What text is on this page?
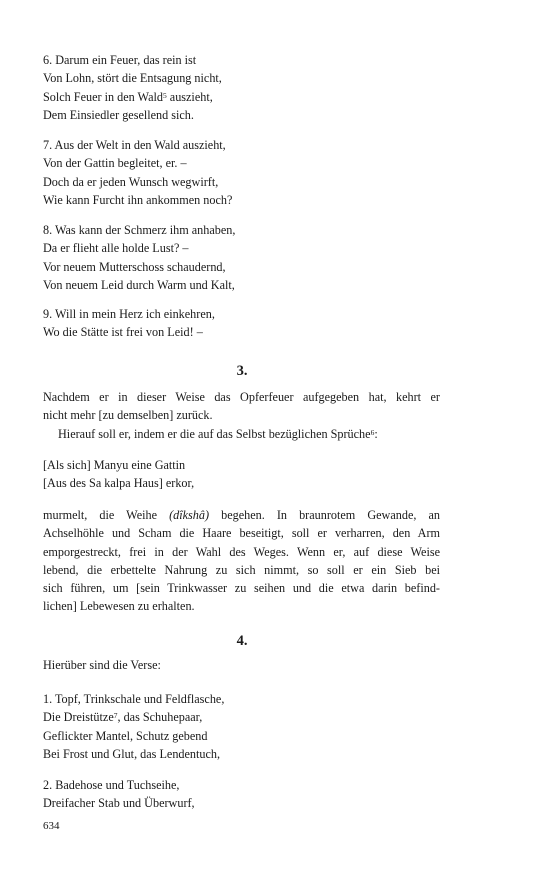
6. Darum ein Feuer, das rein ist
Von Lohn, stört die Entsagung nicht,
Solch Feuer in den Wald$^5$ auszieht,
Dem Einsiedler gesellend sich.
7. Aus der Welt in den Wald auszieht,
Von der Gattin begleitet, er. –
Doch da er jeden Wunsch wegwirft,
Wie kann Furcht ihn ankommen noch?
8. Was kann der Schmerz ihm anhaben,
Da er flieht alle holde Lust? –
Vor neuem Mutterschoss schaudernd,
Von neuem Leid durch Warm und Kalt,
9. Will in mein Herz ich einkehren,
Wo die Stätte ist frei von Leid! –
3.
Nachdem er in dieser Weise das Opferfeuer aufgegeben hat, kehrt er
nicht mehr [zu demselben] zurück.
Hierauf soll er, indem er die auf das Selbst bezüglichen Sprüche$^6$:
[Als sich] Manyu eine Gattin
[Aus des Sa kalpa Haus] erkor,
murmelt, die Weihe (dîkshâ) begehen. In braunrotem Gewande, an
Achselhöhle und Scham die Haare beseitigt, soll er verharren, den Arm
emporgestreckt, frei in der Wahl des Weges. Wenn er, auf diese Weise
lebend, die erbettelte Nahrung zu sich nimmt, so soll er ein Sieb bei
sich führen, um [sein Trinkwasser zu seihen und die etwa darin befind-
lichen] Lebewesen zu erhalten.
4.
Hierüber sind die Verse:
1. Topf, Trinkschale und Feldflasche,
Die Dreistütze$^7$, das Schuhepaar,
Geflickter Mantel, Schutz gebend
Bei Frost und Glut, das Lendentuch,
2. Badehose und Tuchseihe,
Dreifacher Stab und Überwurf,
634
